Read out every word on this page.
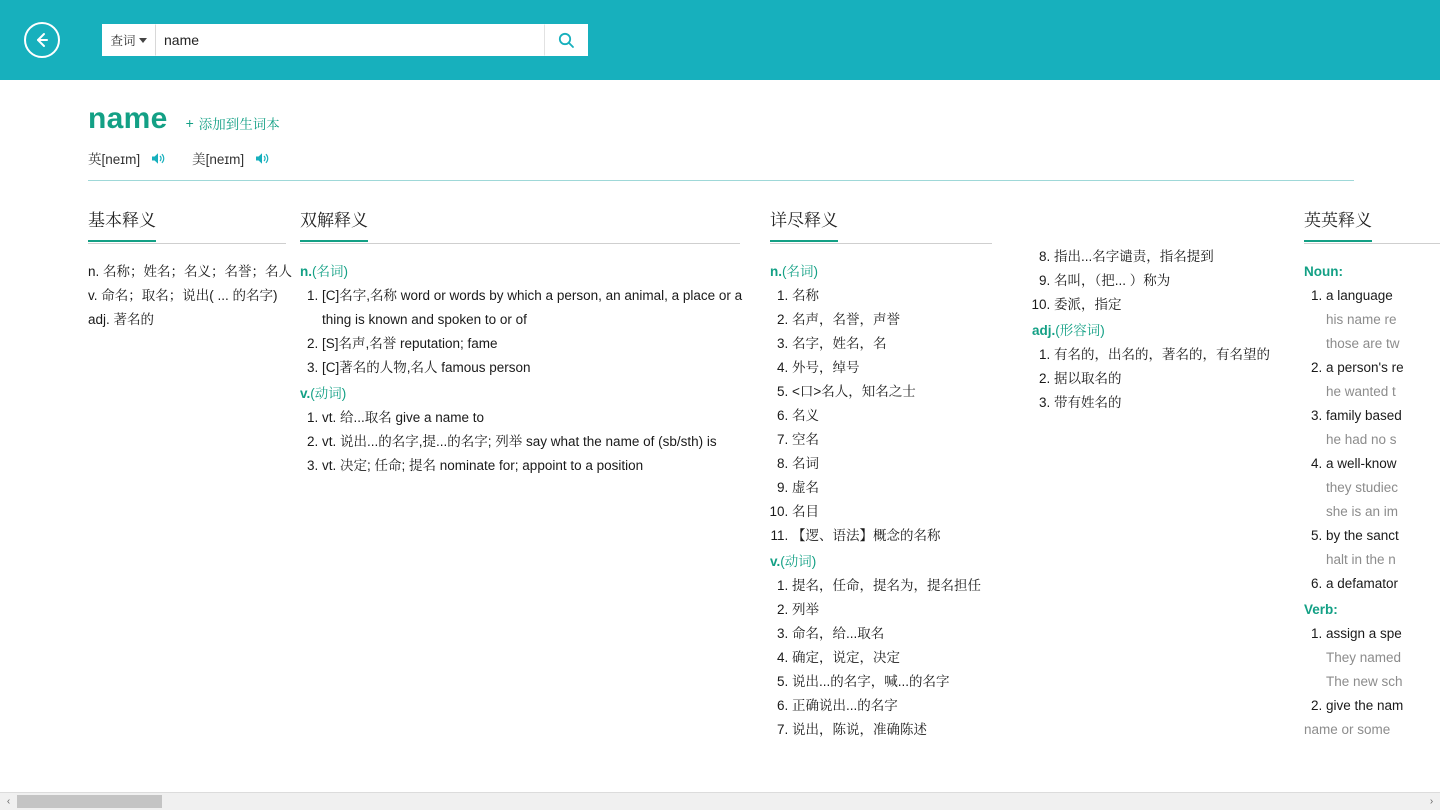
查词
name
name + 添加到生词本
英[neɪm]	美[neɪm]
基本释义
n. 名称；姓名；名义；名誉；名人
v. 命名；取名；说出( ... 的名字)
adj. 著名的
双解释义
n.(名词)
1. [C]名字,名称 word or words by which a person, an animal, a place or a thing is known and spoken to or of
2. [S]名声,名誉 reputation; fame
3. [C]著名的人物,名人 famous person
v.(动词)
1. vt. 给...取名 give a name to
2. vt. 说出...的名字,提...的名字; 列举 say what the name of (sb/sth) is
3. vt. 决定; 任命; 提名 nominate for; appoint to a position
详尽释义
n.(名词)
1. 名称
2. 名声，名誉，声誉
3. 名字，姓名，名
4. 外号，绰号
5. <口>名人，知名之士
6. 名义
7. 空名
8. 名词
9. 虚名
10. 名目
11. 【逻、语法】概念的名称
v.(动词)
1. 提名，任命，提名为，提名担任
2. 列举
3. 命名，给...取名
4. 确定，说定，决定
5. 说出...的名字，喊...的名字
6. 正确说出...的名字
7. 说出，陈说，准确陈述
8. 指出...名字谴责，指名提到
9. 名叫，（把... ）称为
10. 委派，指定
adj.(形容词)
1. 有名的，出名的，著名的，有名望的
2. 据以取名的
3. 带有姓名的
英英释义
Noun:
1. a language
his name re
those are tw
2. a person's re
he wanted t
3. family based
he had no s
4. a well-know
they studiec
she is an im
5. by the sanct
halt in the n
6. a defamator
Verb:
1. assign a spe
They named
The new sch
2. give the nam
name or some
‹	›
